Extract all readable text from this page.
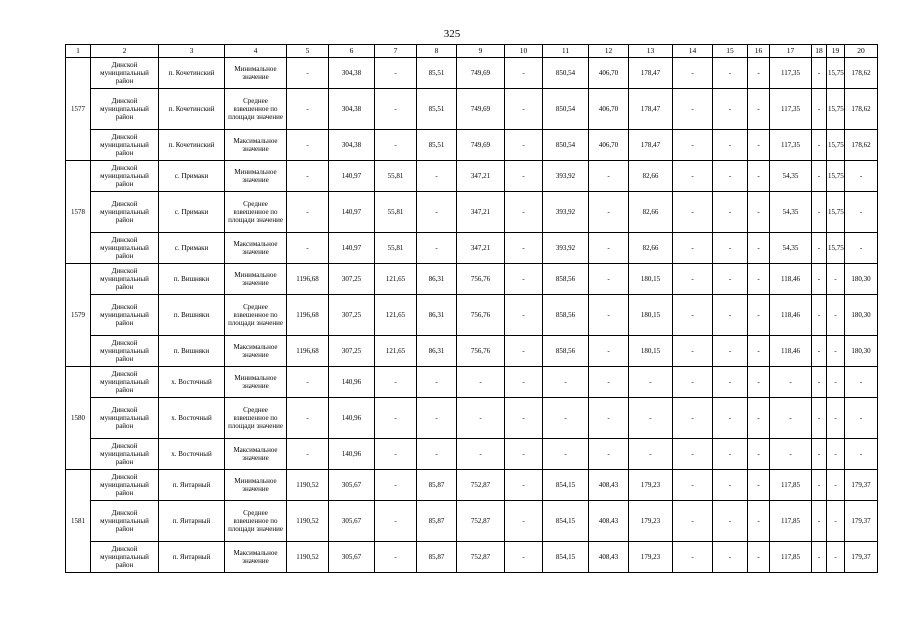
325
1	2	3	4	5	6	7	8	9	10	11	12	13	14	15	16	17	18	19	20
1577	Динской муниципальный район	п. Кочетинский	Минимальное значение	-	304,38	-	85,51	749,69	-	850,54	406,70	178,47	-	-	-	117,35	-	15,75	178,62
	Динской муниципальный район	п. Кочетинский	Среднее взвешенное по площади значение	-	304,38	-	85,51	749,69	-	850,54	406,70	178,47	-	-	-	117,35	-	15,75	178,62
	Динской муниципальный район	п. Кочетинский	Максимальное значение	-	304,38	-	85,51	749,69	-	850,54	406,70	178,47	-	-	-	117,35	-	15,75	178,62
1578	Динской муниципальный район	с. Примаки	Минимальное значение	-	140,97	55,81	-	347,21	-	393,92	-	82,66	-	-	-	54,35	-	15,75	-
	Динской муниципальный район	с. Примаки	Среднее взвешенное по площади значение	-	140,97	55,81	-	347,21	-	393,92	-	82,66	-	-	-	54,35	-	15,75	-
	Динской муниципальный район	с. Примаки	Максимальное значение	-	140,97	55,81	-	347,21	-	393,92	-	82,66	-	-	-	54,35	-	15,75	-
1579	Динской муниципальный район	п. Вишняки	Минимальное значение	1196,68	307,25	121,65	86,31	756,76	-	858,56	-	180,15	-	-	-	118,46	-	-	180,30
	Динской муниципальный район	п. Вишняки	Среднее взвешенное по площади значение	1196,68	307,25	121,65	86,31	756,76	-	858,56	-	180,15	-	-	-	118,46	-	-	180,30
	Динской муниципальный район	п. Вишняки	Максимальное значение	1196,68	307,25	121,65	86,31	756,76	-	858,56	-	180,15	-	-	-	118,46	-	-	180,30
1580	Динской муниципальный район	х. Восточный	Минимальное значение	-	140,96	-	-	-	-	-	-	-	-	-	-	-	-	-	-
	Динской муниципальный район	х. Восточный	Среднее взвешенное по площади значение	-	140,96	-	-	-	-	-	-	-	-	-	-	-	-	-	-
	Динской муниципальный район	х. Восточный	Максимальное значение	-	140,96	-	-	-	-	-	-	-	-	-	-	-	-	-	-
1581	Динской муниципальный район	п. Янтарный	Минимальное значение	1190,52	305,67	-	85,87	752,87	-	854,15	408,43	179,23	-	-	-	117,85	-	-	179,37
	Динской муниципальный район	п. Янтарный	Среднее взвешенное по площади значение	1190,52	305,67	-	85,87	752,87	-	854,15	408,43	179,23	-	-	-	117,85	-	-	179,37
	Динской муниципальный район	п. Янтарный	Максимальное значение	1190,52	305,67	-	85,87	752,87	-	854,15	408,43	179,23	-	-	-	117,85	-	-	179,37
